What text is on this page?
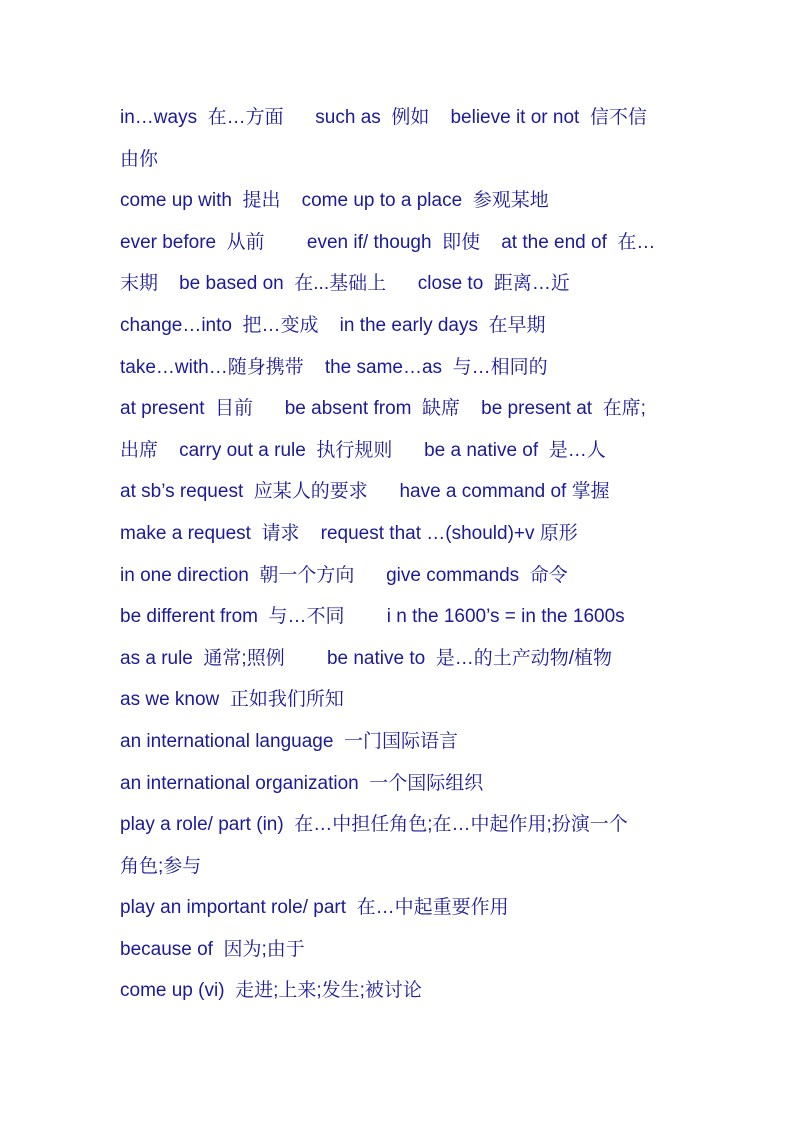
in…ways  在…方面      such as  例如    believe it or not  信不信
由你
come up with  提出    come up to a place  参观某地
ever before  从前        even if/ though  即使    at the end of  在…
末期    be based on  在...基础上      close to  距离…近
change…into  把…变成    in the early days  在早期
take…with…随身携带    the same…as  与…相同的
at present  目前      be absent from  缺席    be present at  在席;
出席    carry out a rule  执行规则      be a native of  是…人
at sb’s request  应某人的要求      have a command of 掌握
make a request  请求    request that …(should)+v 原形
in one direction  朝一个方向      give commands  命令
be different from  与…不同        i n the 1600’s = in the 1600s
as a rule  通常;照例        be native to  是…的土产动物/植物
as we know  正如我们所知
an international language  一门国际语言
an international organization  一个国际组织
play a role/ part (in)  在…中担任角色;在…中起作用;扮演一个
角色;参与
play an important role/ part  在…中起重要作用
because of  因为;由于
come up (vi)  走进;上来;发生;被讨论
